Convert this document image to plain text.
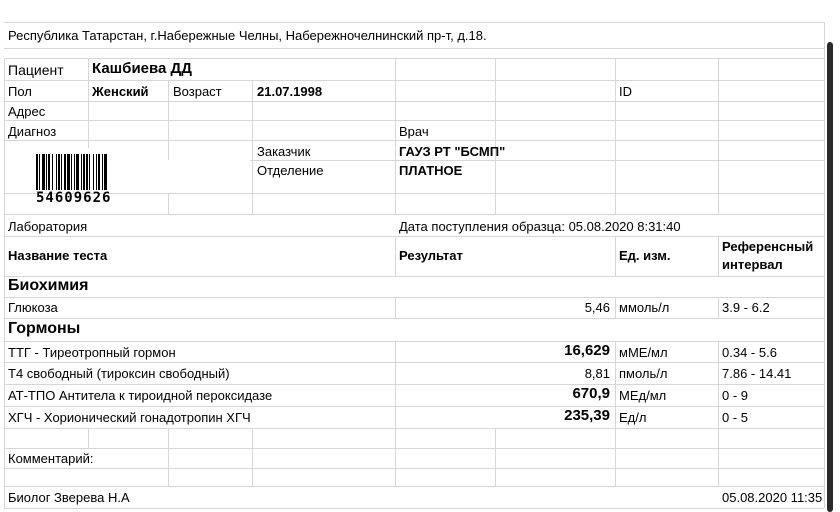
Республика Татарстан, г.Набережные Челны, Набережночелнинский пр-т, д.18.
Пациент Кашбиева ДД
Пол	Женский Возраст	21.07.1998	ID
Адрес
Диагноз	Врач
Заказчик	ГАУЗ РТ "БСМП"
Отделение	ПЛАТНОЕ
54609626
Лаборатория	Дата поступления образца: 05.08.2020 8:31:40
Название теста	Результат	Ед. изм.
Референсный
интервал
Биохимия
Глюкоза	5,46 ммоль/л	3.9 - 6.2
Гормоны
ТТГ - Тиреотропный гормон	16,629 мМЕ/мл	0.34 - 5.6
Т4 свободный (тироксин свободный)	8,81 пмоль/л	7.86 - 14.41
АТ-ТПО Антитела к тироидной пероксидазе	670,9 МЕд/мл	0 - 9
ХГЧ - Хорионический гонадотропин ХГЧ	235,39 Ед/л	0 - 5
Комментарий:
Биолог Зверева Н.А	05.08.2020 11:35
